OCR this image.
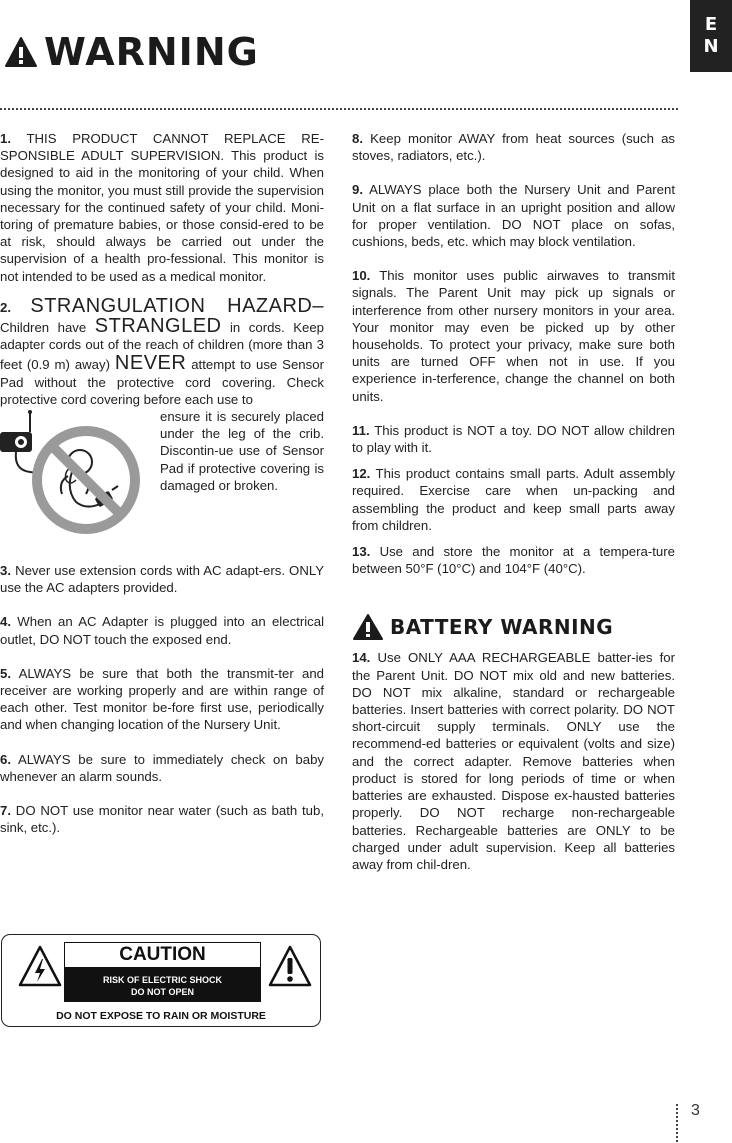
WARNING
E
N

1. THIS PRODUCT CANNOT REPLACE RE-SPONSIBLE ADULT SUPERVISION. This product is designed to aid in the monitoring of your child. When using the monitor, you must still provide the supervision necessary for the continued safety of your child. Moni-toring of premature babies, or those consid-ered to be at risk, should always be carried out under the supervision of a health pro-fessional. This monitor is not intended to be used as a medical monitor.

2. STRANGULATION HAZARD– Children have STRANGLED in cords. Keep adapter cords out of the reach of children (more than 3 feet (0.9 m) away) NEVER attempt to use Sensor Pad without the protective cord covering. Check protective cord covering before each use to

ensure it is securely placed under the leg of the crib. Discontin-ue use of Sensor Pad if protective covering is damaged or broken.

3. Never use extension cords with AC adapt-ers. ONLY use the AC adapters provided.

4. When an AC Adapter is plugged into an electrical outlet, DO NOT touch the exposed end.

5. ALWAYS be sure that both the transmit-ter and receiver are working properly and are within range of each other. Test monitor be-fore first use, periodically and when changing location of the Nursery Unit.

6. ALWAYS be sure to immediately check on baby whenever an alarm sounds.

7. DO NOT use monitor near water (such as bath tub, sink, etc.).

8. Keep monitor AWAY from heat sources (such as stoves, radiators, etc.).

9. ALWAYS place both the Nursery Unit and Parent Unit on a flat surface in an upright position and allow for proper ventilation. DO NOT place on sofas, cushions, beds, etc. which may block ventilation.

10. This monitor uses public airwaves to transmit signals. The Parent Unit may pick up signals or interference from other nursery monitors in your area. Your monitor may even be picked up by other households. To protect your privacy, make sure both units are turned OFF when not in use. If you experience in-terference, change the channel on both units.

11. This product is NOT a toy. DO NOT allow children to play with it.

12. This product contains small parts. Adult assembly required. Exercise care when un-packing and assembling the product and keep small parts away from children.

13. Use and store the monitor at a tempera-ture between 50°F (10°C) and 104°F (40°C).

BATTERY WARNING

14. Use ONLY AAA RECHARGEABLE batter-ies for the Parent Unit. DO NOT mix old and new batteries. DO NOT mix alkaline, standard or rechargeable batteries. Insert batteries with correct polarity. DO NOT short-circuit supply terminals. ONLY use the recommend-ed batteries or equivalent (volts and size) and the correct adapter. Remove batteries when product is stored for long periods of time or when batteries are exhausted. Dispose ex-hausted batteries properly. DO NOT recharge non-rechargeable batteries. Rechargeable batteries are ONLY to be charged under adult supervision. Keep all batteries away from chil-dren.

CAUTION
RISK OF ELECTRIC SHOCK
DO NOT OPEN
DO NOT EXPOSE TO RAIN OR MOISTURE
3
